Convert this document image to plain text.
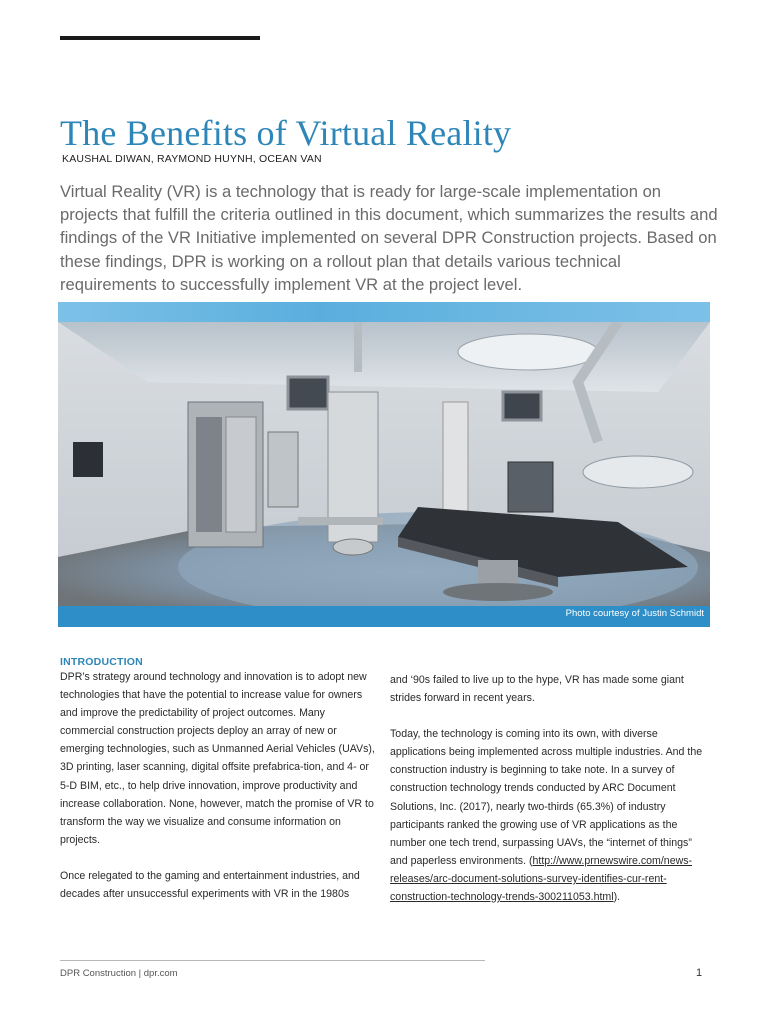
The Benefits of Virtual Reality
KAUSHAL DIWAN, RAYMOND HUYNH, OCEAN VAN

Virtual Reality (VR) is a technology that is ready for large-scale implementation on projects that fulfill the criteria outlined in this document, which summarizes the results and findings of the VR Initiative implemented on several DPR Construction projects. Based on these findings, DPR is working on a rollout plan that details various technical requirements to successfully implement VR at the project level.

Photo courtesy of Justin Schmidt
INTRODUCTION

DPR’s strategy around technology and innovation is to adopt new technologies that have the potential to increase value for owners and improve the predictability of project outcomes. Many commercial construction projects deploy an array of new or emerging technologies, such as Unmanned Aerial Vehicles (UAVs), 3D printing, laser scanning, digital offsite prefabrica-tion, and 4- or 5-D BIM, etc., to help drive innovation, improve productivity and increase collaboration. None, however, match the promise of VR to transform the way we visualize and consume information on projects.

Once relegated to the gaming and entertainment industries, and decades after unsuccessful experiments with VR in the 1980s

and ‘90s failed to live up to the hype, VR has made some giant strides forward in recent years.

Today, the technology is coming into its own, with diverse applications being implemented across multiple industries. And the construction industry is beginning to take note. In a survey of construction technology trends conducted by ARC Document Solutions, Inc. (2017), nearly two-thirds (65.3%) of industry participants ranked the growing use of VR applications as the number one tech trend, surpassing UAVs, the “internet of things” and paperless environments. (http://www.prnewswire.com/news-releases/arc-document-solutions-survey-identifies-cur-rent-construction-technology-trends-300211053.html).

DPR Construction | dpr.com	1
